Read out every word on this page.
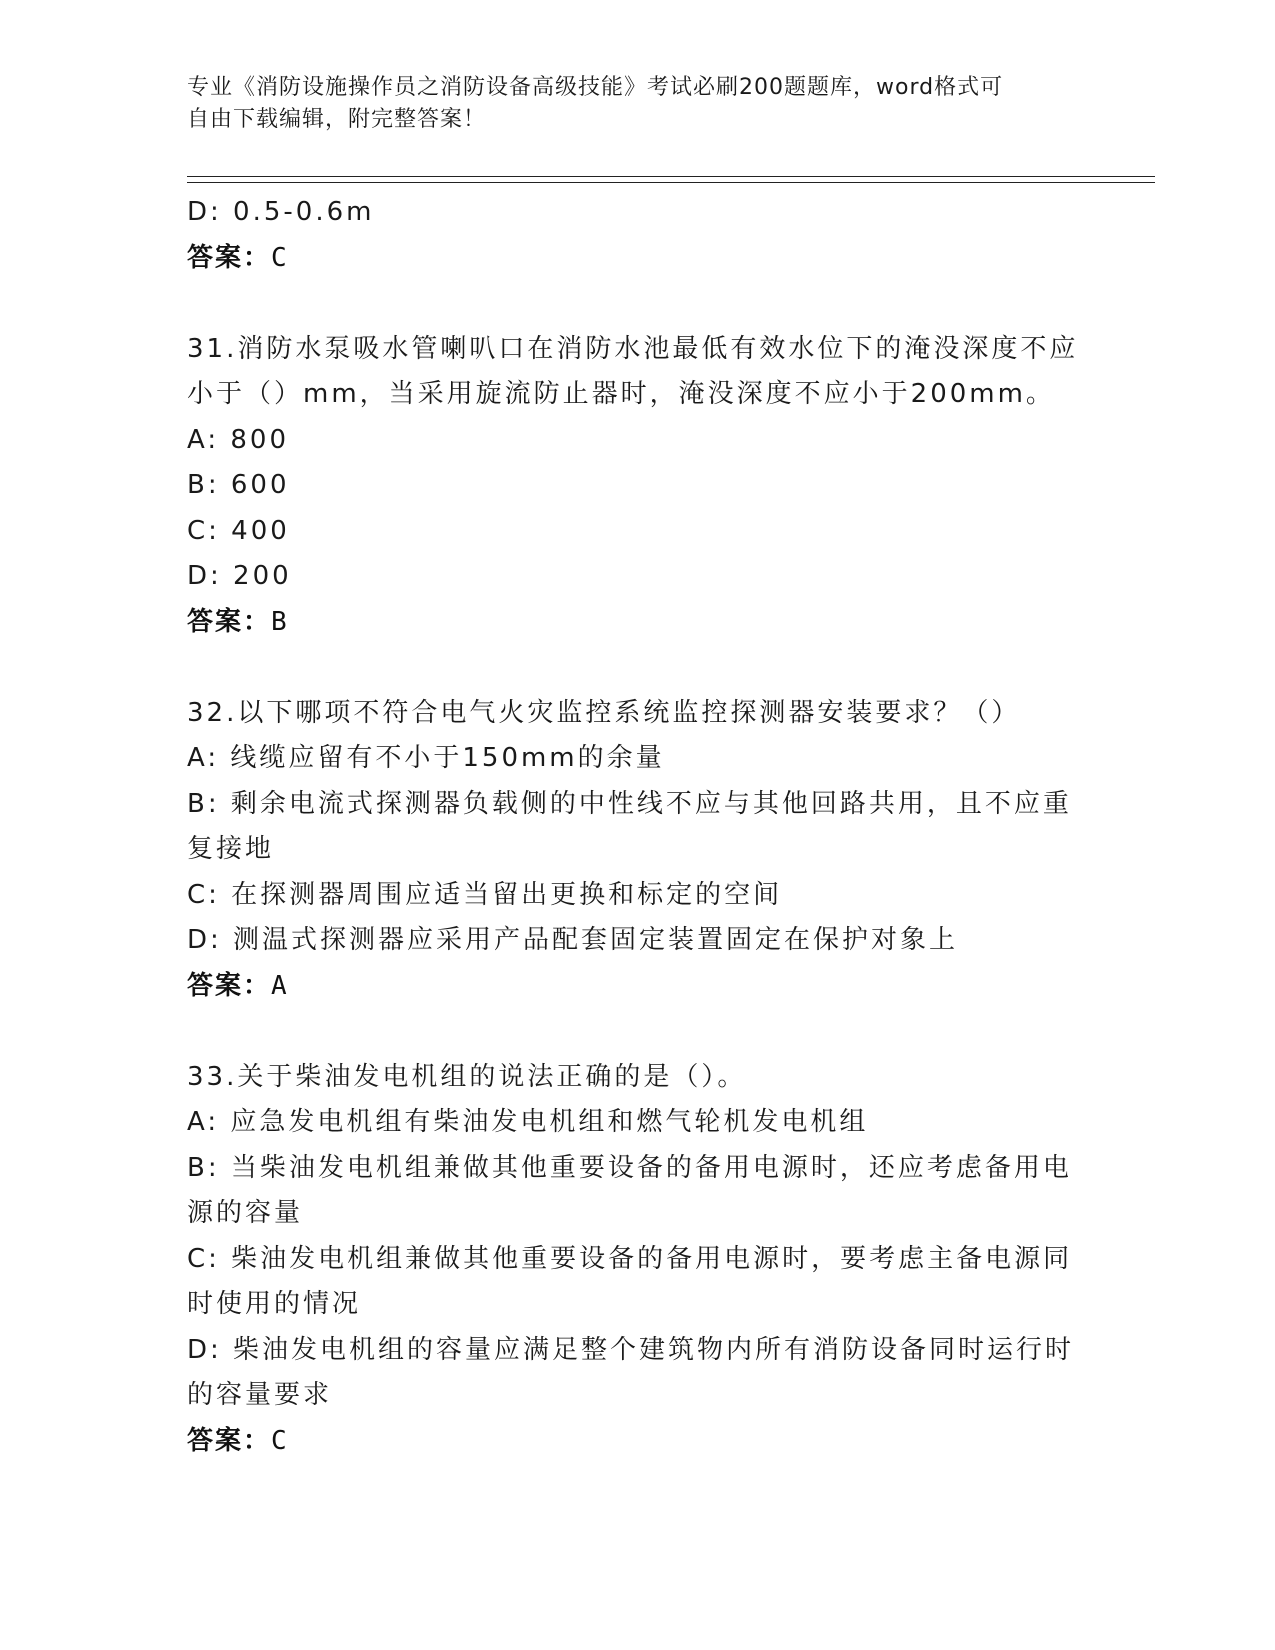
专业《消防设施操作员之消防设备高级技能》考试必刷200题题库，word格式可
自由下载编辑，附完整答案！
D: 0.5-0.6m
答案：C
31.消防水泵吸水管喇叭口在消防水池最低有效水位下的淹没深度不应
小于（）mm，当采用旋流防止器时，淹没深度不应小于200mm。
A: 800
B: 600
C: 400
D: 200
答案：B
32.以下哪项不符合电气火灾监控系统监控探测器安装要求？（）
A: 线缆应留有不小于150mm的余量
B: 剩余电流式探测器负载侧的中性线不应与其他回路共用，且不应重
复接地
C: 在探测器周围应适当留出更换和标定的空间
D: 测温式探测器应采用产品配套固定装置固定在保护对象上
答案：A
33.关于柴油发电机组的说法正确的是（）。
A: 应急发电机组有柴油发电机组和燃气轮机发电机组
B: 当柴油发电机组兼做其他重要设备的备用电源时，还应考虑备用电
源的容量
C: 柴油发电机组兼做其他重要设备的备用电源时，要考虑主备电源同
时使用的情况
D: 柴油发电机组的容量应满足整个建筑物内所有消防设备同时运行时
的容量要求
答案：C
